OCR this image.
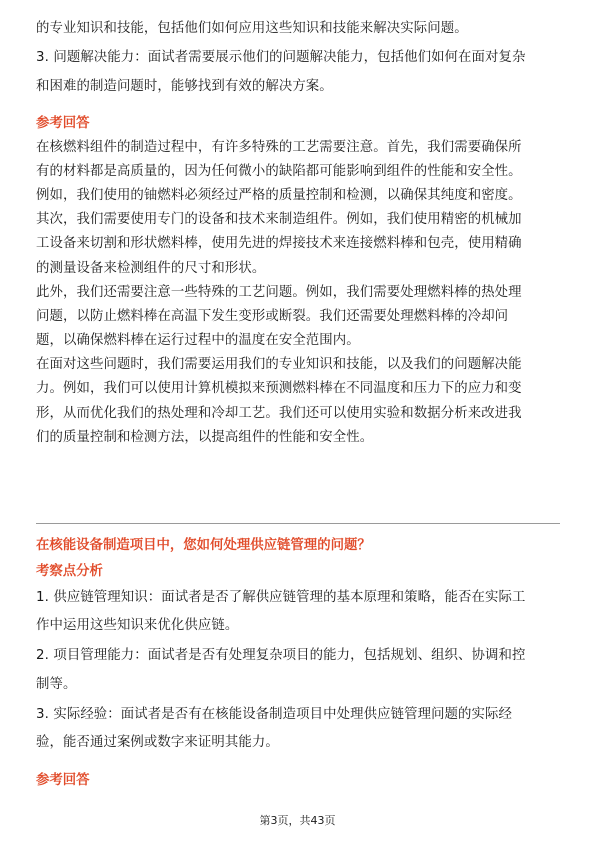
的专业知识和技能，包括他们如何应用这些知识和技能来解决实际问题。
3. 问题解决能力：面试者需要展示他们的问题解决能力，包括他们如何在面对复杂
和困难的制造问题时，能够找到有效的解决方案。
参考回答
在核燃料组件的制造过程中，有许多特殊的工艺需要注意。首先，我们需要确保所
有的材料都是高质量的，因为任何微小的缺陷都可能影响到组件的性能和安全性。
例如，我们使用的铀燃料必须经过严格的质量控制和检测，以确保其纯度和密度。
其次，我们需要使用专门的设备和技术来制造组件。例如，我们使用精密的机械加
工设备来切割和形状燃料棒，使用先进的焊接技术来连接燃料棒和包壳，使用精确
的测量设备来检测组件的尺寸和形状。
此外，我们还需要注意一些特殊的工艺问题。例如，我们需要处理燃料棒的热处理
问题，以防止燃料棒在高温下发生变形或断裂。我们还需要处理燃料棒的冷却问
题，以确保燃料棒在运行过程中的温度在安全范围内。
在面对这些问题时，我们需要运用我们的专业知识和技能，以及我们的问题解决能
力。例如，我们可以使用计算机模拟来预测燃料棒在不同温度和压力下的应力和变
形，从而优化我们的热处理和冷却工艺。我们还可以使用实验和数据分析来改进我
们的质量控制和检测方法，以提高组件的性能和安全性。
在核能设备制造项目中，您如何处理供应链管理的问题？
考察点分析
1. 供应链管理知识：面试者是否了解供应链管理的基本原理和策略，能否在实际工
作中运用这些知识来优化供应链。
2. 项目管理能力：面试者是否有处理复杂项目的能力，包括规划、组织、协调和控
制等。
3. 实际经验：面试者是否有在核能设备制造项目中处理供应链管理问题的实际经
验，能否通过案例或数字来证明其能力。
参考回答
第3页，共43页
